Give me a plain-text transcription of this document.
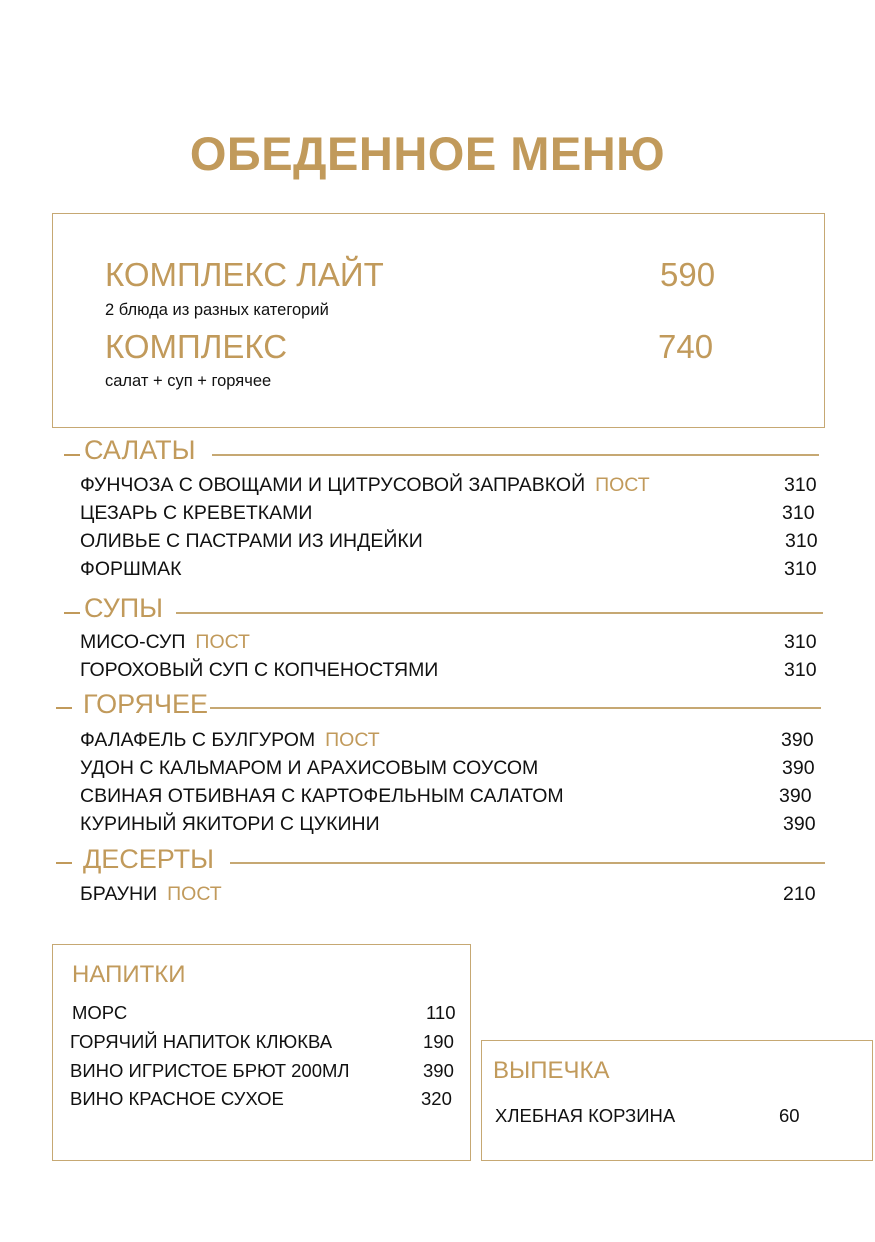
ОБЕДЕННОЕ МЕНЮ
КОМПЛЕКС ЛАЙТ	590
2 блюда из разных категорий
КОМПЛЕКС	740
салат + суп + горячее
САЛАТЫ
ФУНЧОЗА С ОВОЩАМИ И ЦИТРУСОВОЙ ЗАПРАВКОЙ ПОСТ	310
ЦЕЗАРЬ С КРЕВЕТКАМИ	310
ОЛИВЬЕ С ПАСТРАМИ ИЗ ИНДЕЙКИ	310
ФОРШМАК	310
СУПЫ
МИСО-СУП ПОСТ	310
ГОРОХОВЫЙ СУП С КОПЧЕНОСТЯМИ	310
ГОРЯЧЕЕ
ФАЛАФЕЛЬ С БУЛГУРОМ ПОСТ	390
УДОН С КАЛЬМАРОМ И АРАХИСОВЫМ СОУСОМ	390
СВИНАЯ ОТБИВНАЯ С КАРТОФЕЛЬНЫМ САЛАТОМ	390
КУРИНЫЙ ЯКИТОРИ С ЦУКИНИ	390
ДЕСЕРТЫ
БРАУНИ ПОСТ	210
НАПИТКИ
МОРС	110
ГОРЯЧИЙ НАПИТОК КЛЮКВА	190
ВИНО ИГРИСТОЕ БРЮТ 200МЛ	390
ВИНО КРАСНОЕ СУХОЕ	320
ВЫПЕЧКА
ХЛЕБНАЯ КОРЗИНА	60
